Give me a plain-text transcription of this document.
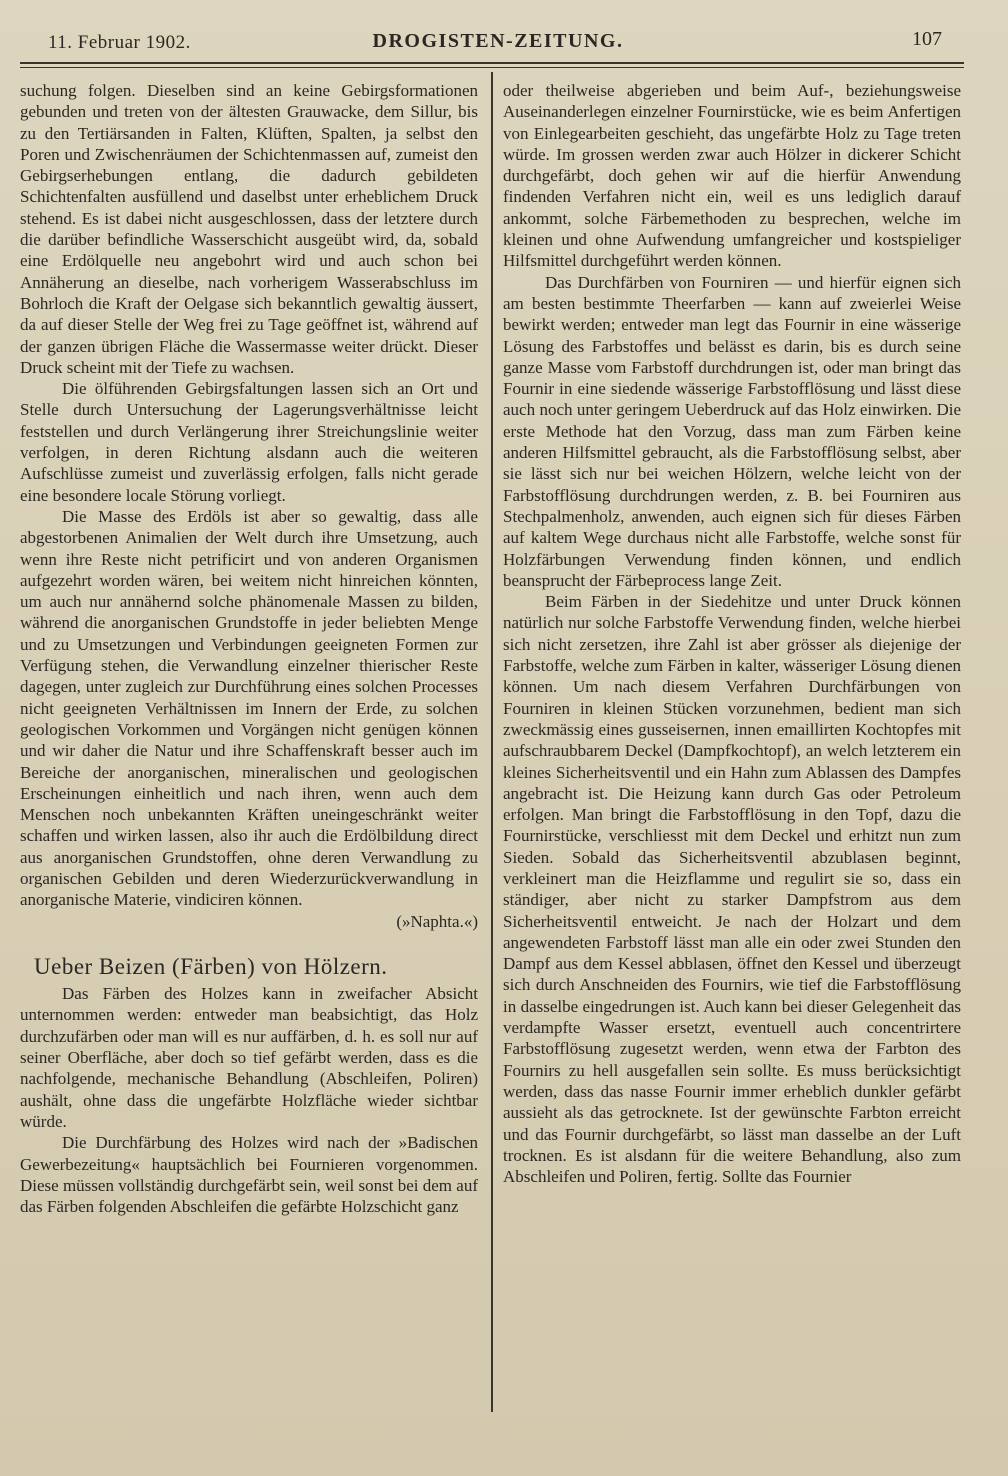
11. Februar 1902.	DROGISTEN-ZEITUNG.	107

suchung folgen. Dieselben sind an keine Gebirgsformationen gebunden und treten von der ältesten Grauwacke, dem Sillur, bis zu den Tertiärsanden in Falten, Klüften, Spalten, ja selbst den Poren und Zwischenräumen der Schichtenmassen auf, zumeist den Gebirgserhebungen entlang, die dadurch gebildeten Schichtenfalten ausfüllend und daselbst unter erheblichem Druck stehend. Es ist dabei nicht ausgeschlossen, dass der letztere durch die darüber befindliche Wasserschicht ausgeübt wird, da, sobald eine Erdölquelle neu angebohrt wird und auch schon bei Annäherung an dieselbe, nach vorherigem Wasserabschluss im Bohrloch die Kraft der Oelgase sich bekanntlich gewaltig äussert, da auf dieser Stelle der Weg frei zu Tage geöffnet ist, während auf der ganzen übrigen Fläche die Wassermasse weiter drückt. Dieser Druck scheint mit der Tiefe zu wachsen.

Die ölführenden Gebirgsfaltungen lassen sich an Ort und Stelle durch Untersuchung der Lagerungsverhältnisse leicht feststellen und durch Verlängerung ihrer Streichungslinie weiter verfolgen, in deren Richtung alsdann auch die weiteren Aufschlüsse zumeist und zuverlässig erfolgen, falls nicht gerade eine besondere locale Störung vorliegt.

Die Masse des Erdöls ist aber so gewaltig, dass alle abgestorbenen Animalien der Welt durch ihre Umsetzung, auch wenn ihre Reste nicht petrificirt und von anderen Organismen aufgezehrt worden wären, bei weitem nicht hinreichen könnten, um auch nur annähernd solche phänomenale Massen zu bilden, während die anorganischen Grundstoffe in jeder beliebten Menge und zu Umsetzungen und Verbindungen geeigneten Formen zur Verfügung stehen, die Verwandlung einzelner thierischer Reste dagegen, unter zugleich zur Durchführung eines solchen Processes nicht geeigneten Verhältnissen im Innern der Erde, zu solchen geologischen Vorkommen und Vorgängen nicht genügen können und wir daher die Natur und ihre Schaffenskraft besser auch im Bereiche der anorganischen, mineralischen und geologischen Erscheinungen einheitlich und nach ihren, wenn auch dem Menschen noch unbekannten Kräften uneingeschränkt weiter schaffen und wirken lassen, also ihr auch die Erdölbildung direct aus anorganischen Grundstoffen, ohne deren Verwandlung zu organischen Gebilden und deren Wiederzurückverwandlung in anorganische Materie, vindiciren können.

(»Naphta.«)
Ueber Beizen (Färben) von Hölzern.

Das Färben des Holzes kann in zweifacher Absicht unternommen werden: entweder man beabsichtigt, das Holz durchzufärben oder man will es nur auffärben, d. h. es soll nur auf seiner Oberfläche, aber doch so tief gefärbt werden, dass es die nachfolgende, mechanische Behandlung (Abschleifen, Poliren) aushält, ohne dass die ungefärbte Holzfläche wieder sichtbar würde.

Die Durchfärbung des Holzes wird nach der »Badischen Gewerbezeitung« hauptsächlich bei Fournieren vorgenommen. Diese müssen vollständig durchgefärbt sein, weil sonst bei dem auf das Färben folgenden Abschleifen die gefärbte Holzschicht ganz

oder theilweise abgerieben und beim Auf-, beziehungsweise Auseinanderlegen einzelner Fournirstücke, wie es beim Anfertigen von Einlegearbeiten geschieht, das ungefärbte Holz zu Tage treten würde. Im grossen werden zwar auch Hölzer in dickerer Schicht durchgefärbt, doch gehen wir auf die hierfür Anwendung findenden Verfahren nicht ein, weil es uns lediglich darauf ankommt, solche Färbemethoden zu besprechen, welche im kleinen und ohne Aufwendung umfangreicher und kostspieliger Hilfsmittel durchgeführt werden können.

Das Durchfärben von Fourniren — und hierfür eignen sich am besten bestimmte Theerfarben — kann auf zweierlei Weise bewirkt werden; entweder man legt das Fournir in eine wässerige Lösung des Farbstoffes und belässt es darin, bis es durch seine ganze Masse vom Farbstoff durchdrungen ist, oder man bringt das Fournir in eine siedende wässerige Farbstofflösung und lässt diese auch noch unter geringem Ueberdruck auf das Holz einwirken. Die erste Methode hat den Vorzug, dass man zum Färben keine anderen Hilfsmittel gebraucht, als die Farbstofflösung selbst, aber sie lässt sich nur bei weichen Hölzern, welche leicht von der Farbstofflösung durchdrungen werden, z. B. bei Fourniren aus Stechpalmenholz, anwenden, auch eignen sich für dieses Färben auf kaltem Wege durchaus nicht alle Farbstoffe, welche sonst für Holzfärbungen Verwendung finden können, und endlich beansprucht der Färbeprocess lange Zeit.

Beim Färben in der Siedehitze und unter Druck können natürlich nur solche Farbstoffe Verwendung finden, welche hierbei sich nicht zersetzen, ihre Zahl ist aber grösser als diejenige der Farbstoffe, welche zum Färben in kalter, wässeriger Lösung dienen können. Um nach diesem Verfahren Durchfärbungen von Fourniren in kleinen Stücken vorzunehmen, bedient man sich zweckmässig eines gusseisernen, innen emaillirten Kochtopfes mit aufschraubbarem Deckel (Dampfkochtopf), an welch letzterem ein kleines Sicherheitsventil und ein Hahn zum Ablassen des Dampfes angebracht ist. Die Heizung kann durch Gas oder Petroleum erfolgen. Man bringt die Farbstofflösung in den Topf, dazu die Fournirstücke, verschliesst mit dem Deckel und erhitzt nun zum Sieden. Sobald das Sicherheitsventil abzublasen beginnt, verkleinert man die Heizflamme und regulirt sie so, dass ein ständiger, aber nicht zu starker Dampfstrom aus dem Sicherheitsventil entweicht. Je nach der Holzart und dem angewendeten Farbstoff lässt man alle ein oder zwei Stunden den Dampf aus dem Kessel abblasen, öffnet den Kessel und überzeugt sich durch Anschneiden des Fournirs, wie tief die Farbstofflösung in dasselbe eingedrungen ist. Auch kann bei dieser Gelegenheit das verdampfte Wasser ersetzt, eventuell auch concentrirtere Farbstofflösung zugesetzt werden, wenn etwa der Farbton des Fournirs zu hell ausgefallen sein sollte. Es muss berücksichtigt werden, dass das nasse Fournir immer erheblich dunkler gefärbt aussieht als das getrocknete. Ist der gewünschte Farbton erreicht und das Fournir durchgefärbt, so lässt man dasselbe an der Luft trocknen. Es ist alsdann für die weitere Behandlung, also zum Abschleifen und Poliren, fertig. Sollte das Fournier
